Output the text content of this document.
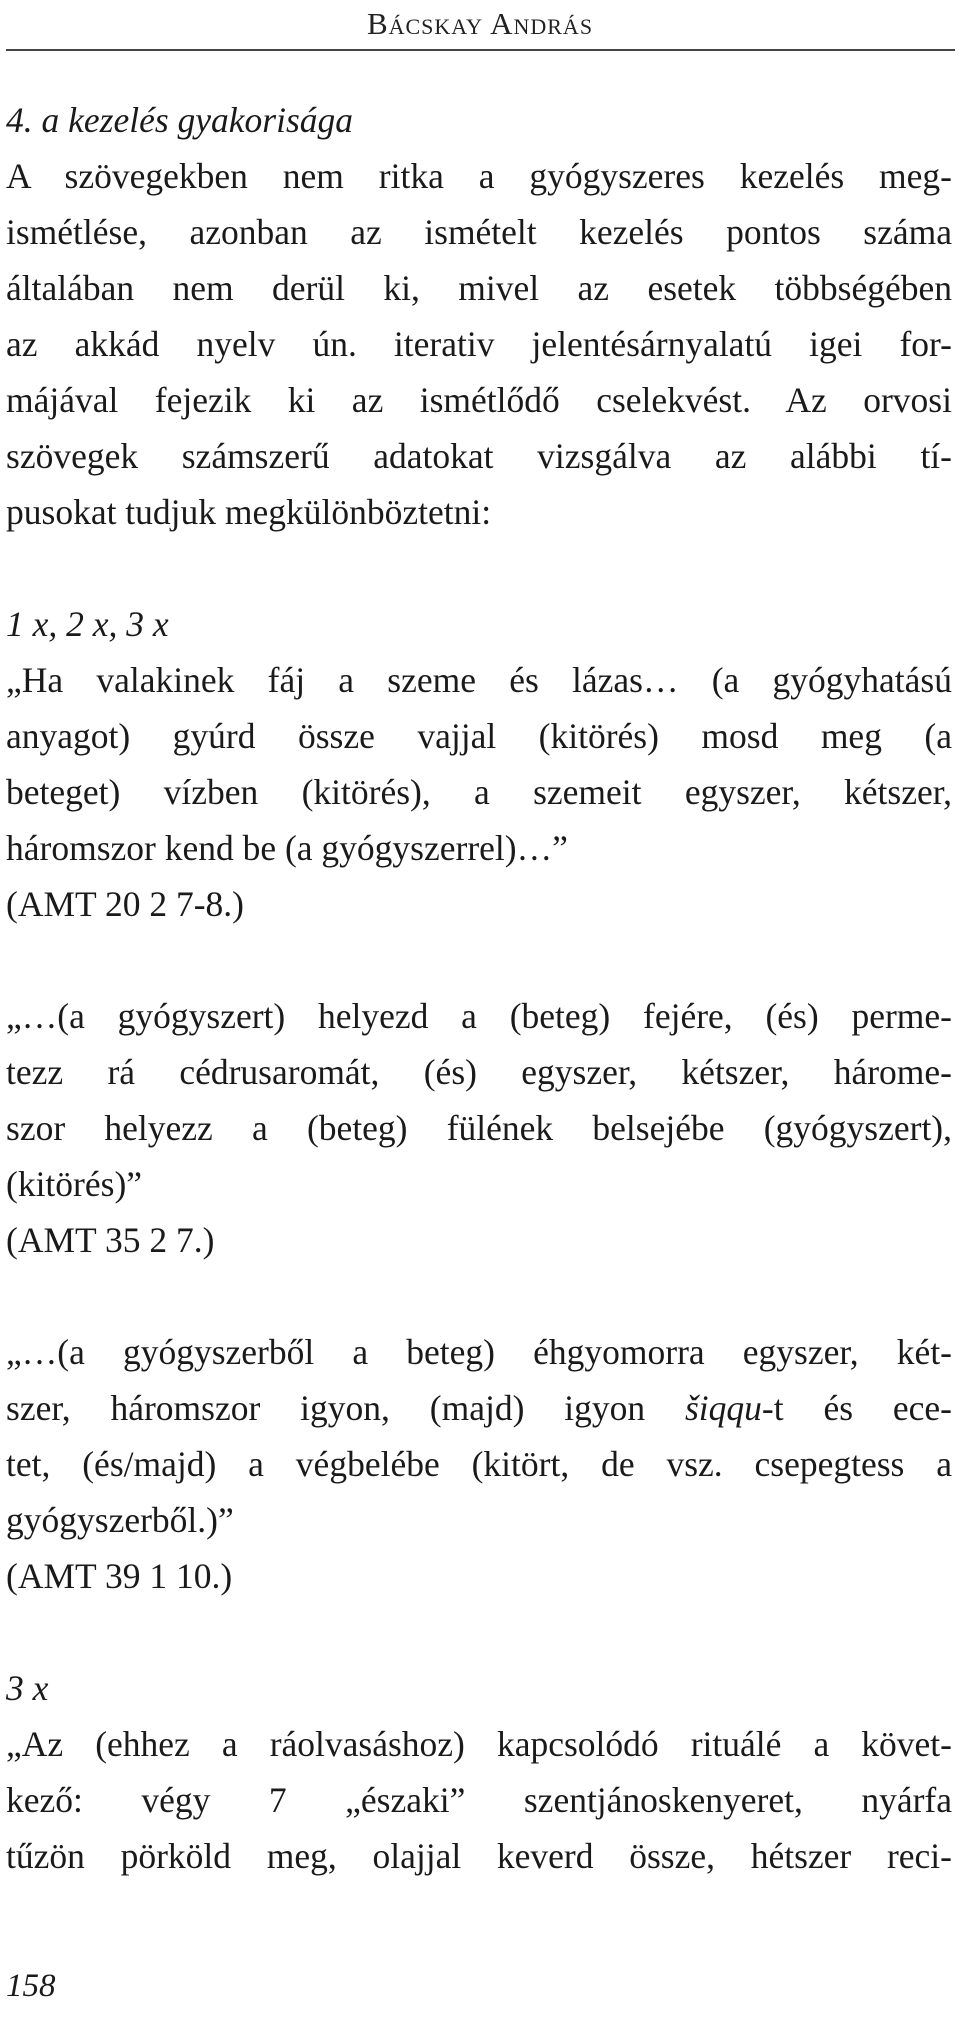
Bácskay András
4. a kezelés gyakorisága
A szövegekben nem ritka a gyógyszeres kezelés meg-
ismétlése, azonban az ismételt kezelés pontos száma
általában nem derül ki, mivel az esetek többségében
az akkád nyelv ún. iterativ jelentésárnyalatú igei for-
májával fejezik ki az ismétlődő cselekvést. Az orvosi
szövegek számszerű adatokat vizsgálva az alábbi tí-
pusokat tudjuk megkülönböztetni:
1 x, 2 x, 3 x
„Ha valakinek fáj a szeme és lázas… (a gyógyhatású
anyagot) gyúrd össze vajjal (kitörés) mosd meg (a
beteget) vízben (kitörés), a szemeit egyszer, kétszer,
háromszor kend be (a gyógyszerrel)…”
(AMT 20 2 7-8.)
„…(a gyógyszert) helyezd a (beteg) fejére, (és) perme-
tezz rá cédrusaromát, (és) egyszer, kétszer, hárome-
szor helyezz a (beteg) fülének belsejébe (gyógyszert),
(kitörés)”
(AMT 35 2 7.)
„…(a gyógyszerből a beteg) éhgyomorra egyszer, két-
szer, háromszor igyon, (majd) igyon šiqqu-t és ece-
tet, (és/majd) a végbelébe (kitört, de vsz. csepegtess a
gyógyszerből.)”
(AMT 39 1 10.)
3 x
„Az (ehhez a ráolvasáshoz) kapcsolódó rituálé a követ-
kező: végy 7 „északi” szentjánoskenyeret, nyárfa
tűzön pörköld meg, olajjal keverd össze, hétszer reci-
158
